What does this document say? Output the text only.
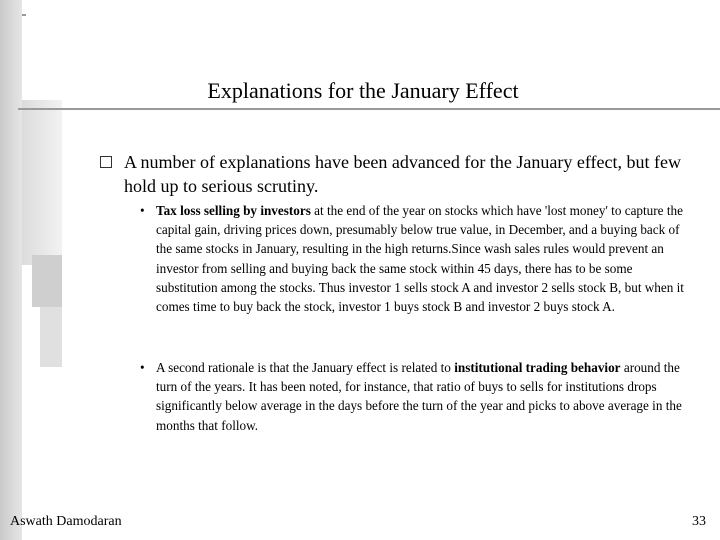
Explanations for the January Effect
A number of explanations have been advanced for the January effect, but few hold up to serious scrutiny.
• Tax loss selling by investors at the end of the year on stocks which have 'lost money' to capture the capital gain, driving prices down, presumably below true value, in December, and a buying back of the same stocks in January, resulting in the high returns.Since wash sales rules would prevent an investor from selling and buying back the same stock within 45 days, there has to be some substitution among the stocks. Thus investor 1 sells stock A and investor 2 sells stock B, but when it comes time to buy back the stock, investor 1 buys stock B and investor 2 buys stock A.
• A second rationale is that the January effect is related to institutional trading behavior around the turn of the years. It has been noted, for instance, that ratio of buys to sells for institutions drops significantly below average in the days before the turn of the year and picks to above average in the months that follow.
Aswath Damodaran	33
